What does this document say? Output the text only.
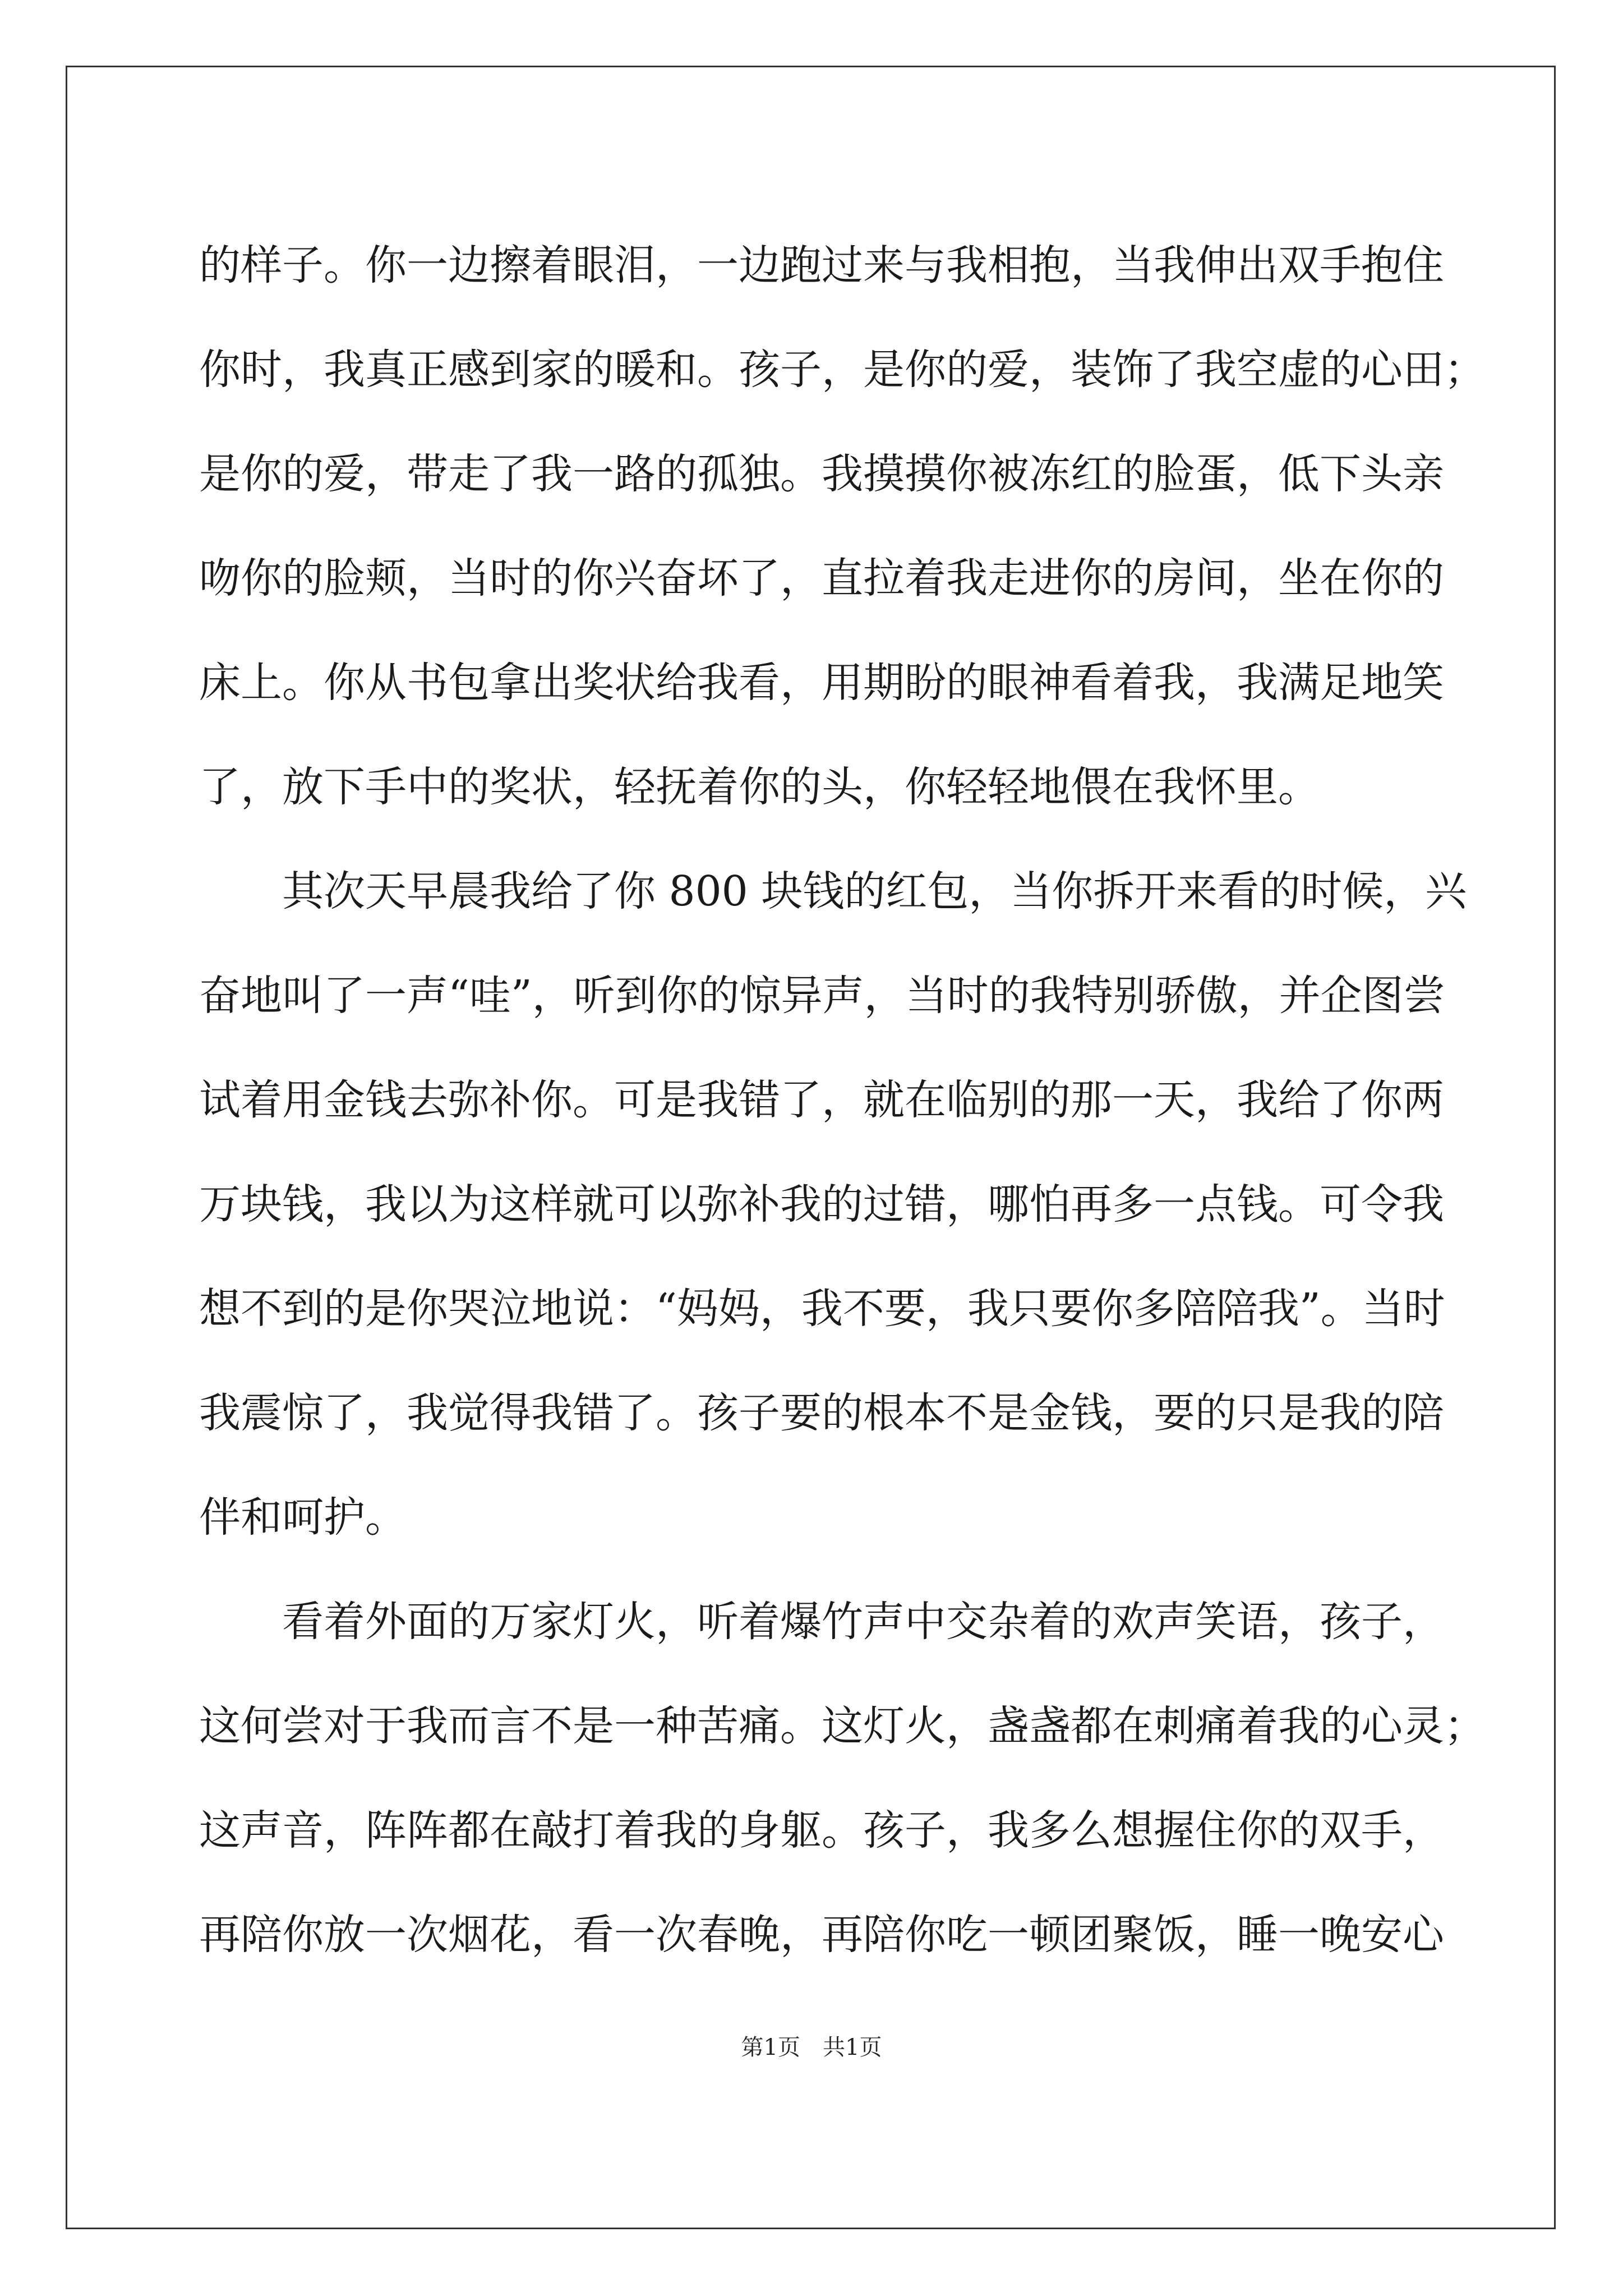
的样子。你一边擦着眼泪，一边跑过来与我相抱，当我伸出双手抱住
你时，我真正感到家的暖和。孩子，是你的爱，装饰了我空虚的心田；
是你的爱，带走了我一路的孤独。我摸摸你被冻红的脸蛋，低下头亲
吻你的脸颊，当时的你兴奋坏了，直拉着我走进你的房间，坐在你的
床上。你从书包拿出奖状给我看，用期盼的眼神看着我，我满足地笑
了，放下手中的奖状，轻抚着你的头，你轻轻地偎在我怀里。
　　其次天早晨我给了你 800 块钱的红包，当你拆开来看的时候，兴
奋地叫了一声“哇”，听到你的惊异声，当时的我特别骄傲，并企图尝
试着用金钱去弥补你。可是我错了，就在临别的那一天，我给了你两
万块钱，我以为这样就可以弥补我的过错，哪怕再多一点钱。可令我
想不到的是你哭泣地说：“妈妈，我不要，我只要你多陪陪我”。当时
我震惊了，我觉得我错了。孩子要的根本不是金钱，要的只是我的陪
伴和呵护。
　　看着外面的万家灯火，听着爆竹声中交杂着的欢声笑语，孩子，
这何尝对于我而言不是一种苦痛。这灯火，盏盏都在刺痛着我的心灵；
这声音，阵阵都在敲打着我的身躯。孩子，我多么想握住你的双手，
再陪你放一次烟花，看一次春晚，再陪你吃一顿团聚饭，睡一晚安心
第1页　共1页
